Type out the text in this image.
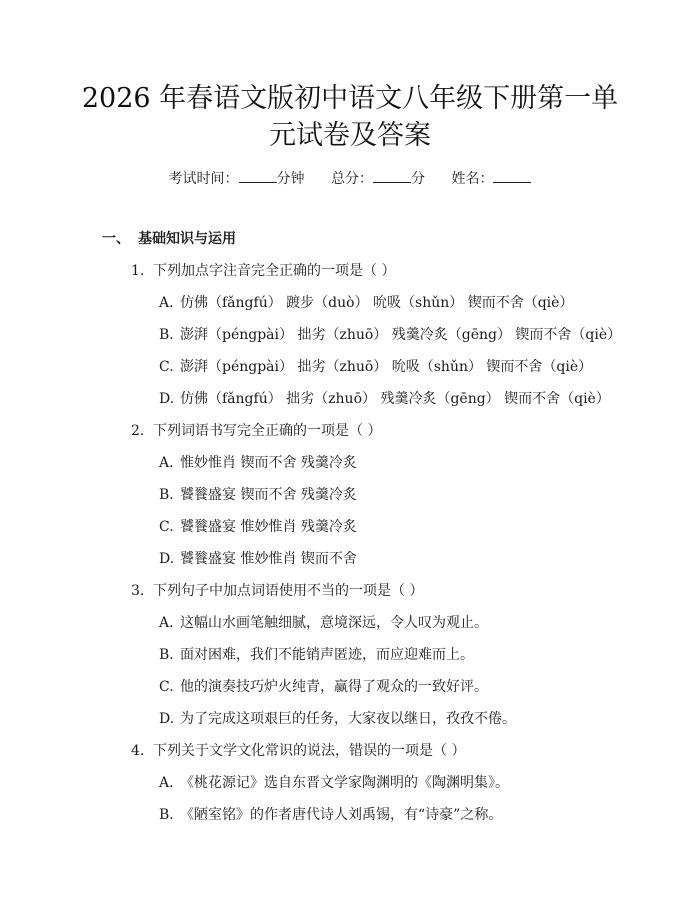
2026 年春语文版初中语文八年级下册第一单
元试卷及答案
考试时间：	分钟 总分：	分 姓名：
一、 基础知识与运用
1. 下列加点字注音完全正确的一项是（ ）
A. 仿佛（fǎngfú） 踱步（duò） 吮吸（shǔn） 锲而不舍（qiè）
B. 澎湃（péngpài） 拙劣（zhuō） 残羹冷炙（gēng） 锲而不舍（qiè）
C. 澎湃（péngpài） 拙劣（zhuō） 吮吸（shǔn） 锲而不舍（qiè）
D. 仿佛（fǎngfú） 拙劣（zhuō） 残羹冷炙（gēng） 锲而不舍（qiè）
2. 下列词语书写完全正确的一项是（ ）
A. 惟妙惟肖 锲而不舍 残羹冷炙
B. 饕餮盛宴 锲而不舍 残羹冷炙
C. 饕餮盛宴 惟妙惟肖 残羹冷炙
D. 饕餮盛宴 惟妙惟肖 锲而不舍
3. 下列句子中加点词语使用不当的一项是（ ）
A. 这幅山水画笔触细腻，意境深远，令人叹为观止。
B. 面对困难，我们不能销声匿迹，而应迎难而上。
C. 他的演奏技巧炉火纯青，赢得了观众的一致好评。
D. 为了完成这项艰巨的任务，大家夜以继日，孜孜不倦。
4. 下列关于文学文化常识的说法，错误的一项是（ ）
A. 《桃花源记》选自东晋文学家陶渊明的《陶渊明集》。
B. 《陋室铭》的作者唐代诗人刘禹锡，有“诗豪”之称。
